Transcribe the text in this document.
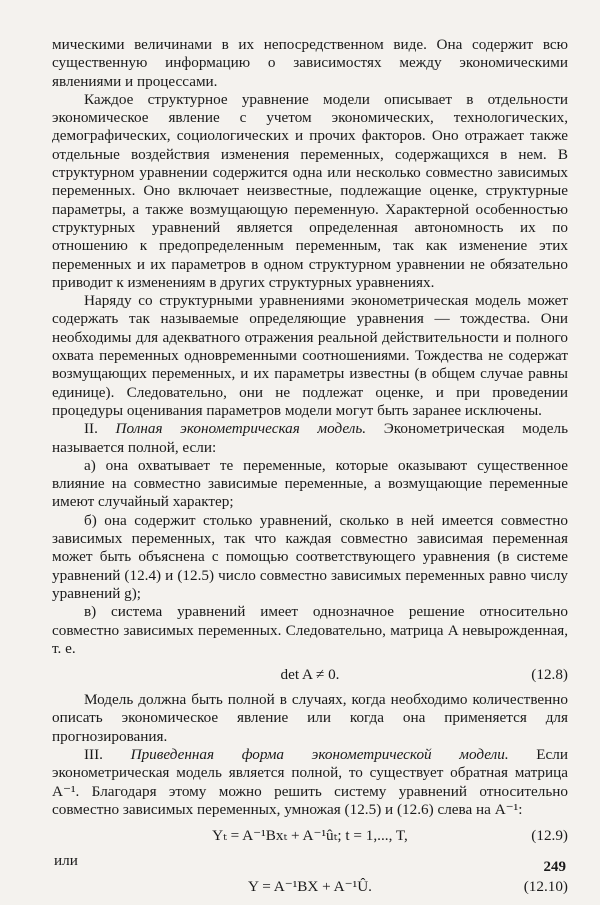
мическими величинами в их непосредственном виде. Она содержит всю существенную информацию о зависимостях между экономическими явлениями и процессами.

Каждое структурное уравнение модели описывает в отдельности экономическое явление с учетом экономических, технологических, демографических, социологических и прочих факторов. Оно отражает также отдельные воздействия изменения переменных, содержащихся в нем. В структурном уравнении содержится одна или несколько совместно зависимых переменных. Оно включает неизвестные, подлежащие оценке, структурные параметры, а также возмущающую переменную. Характерной особенностью структурных уравнений является определенная автономность их по отношению к предопределенным переменным, так как изменение этих переменных и их параметров в одном структурном уравнении не обязательно приводит к изменениям в других структурных уравнениях.

Наряду со структурными уравнениями эконометрическая модель может содержать так называемые определяющие уравнения — тождества. Они необходимы для адекватного отражения реальной действительности и полного охвата переменных одновременными соотношениями. Тождества не содержат возмущающих переменных, и их параметры известны (в общем случае равны единице). Следовательно, они не подлежат оценке, и при проведении процедуры оценивания параметров модели могут быть заранее исключены.

II. Полная эконометрическая модель. Эконометрическая модель называется полной, если:

а) она охватывает те переменные, которые оказывают существенное влияние на совместно зависимые переменные, а возмущающие переменные имеют случайный характер;

б) она содержит столько уравнений, сколько в ней имеется совместно зависимых переменных, так что каждая совместно зависимая переменная может быть объяснена с помощью соответствующего уравнения (в системе уравнений (12.4) и (12.5) число совместно зависимых переменных равно числу уравнений g);

в) система уравнений имеет однозначное решение относительно совместно зависимых переменных. Следовательно, матрица A невырожденная, т. е.

det A ≠ 0.	(12.8)

Модель должна быть полной в случаях, когда необходимо количественно описать экономическое явление или когда она применяется для прогнозирования.

III. Приведенная форма эконометрической модели. Если эконометрическая модель является полной, то существует обратная матрица A⁻¹. Благодаря этому можно решить систему уравнений относительно совместно зависимых переменных, умножая (12.5) и (12.6) слева на A⁻¹:

Yₜ = A⁻¹Bxₜ + A⁻¹ûₜ; t = 1,..., T,	(12.9)

или

Y = A⁻¹BX + A⁻¹Û.	(12.10)
249
